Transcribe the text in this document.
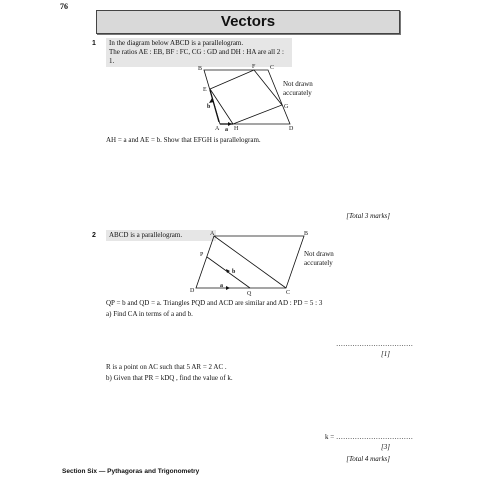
76
Vectors
1 In the diagram below ABCD is a parallelogram.
The ratios AE : EB, BF : FC, CG : GD and DH : HA are all 2 : 1.
B	F C
E
G
A H	D
b
a
Not drawn accurately
AH = a and AE = b. Show that EFGH is parallelogram.
[Total 3 marks]
2	ABCD is a parallelogram.	A	B
P
D	Q	C
b
a
Not drawn accurately
QP = b and QD = a. Triangles PQD and ACD are similar and AD : PD = 5 : 3
a) Find CA in terms of a and b.
……………………………
[1]
R is a point on AC such that 5 AR = 2 AC .
b) Given that PR = kDQ , find the value of k.
k = ……………………………
[3]
[Total 4 marks]
Section Six — Pythagoras and Trigonometry
